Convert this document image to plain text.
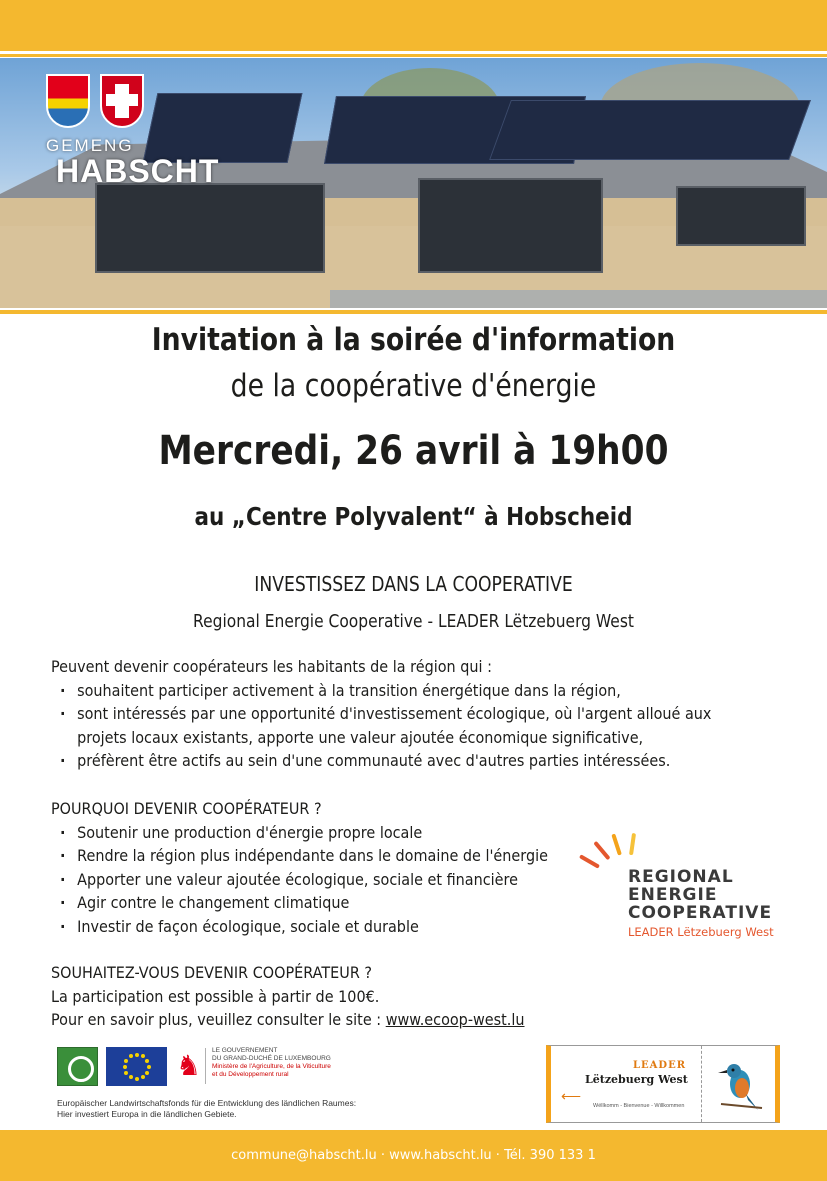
GEMENG
HABSCHT
Invitation à la soirée d'information
de la coopérative d'énergie
Mercredi, 26 avril à 19h00
au „Centre Polyvalent“ à Hobscheid
INVESTISSEZ DANS LA COOPERATIVE
Regional Energie Cooperative - LEADER Lëtzebuerg West
Peuvent devenir coopérateurs les habitants de la région qui :
· souhaitent participer activement à la transition énergétique dans la région,
· sont intéressés par une opportunité d'investissement écologique, où l'argent alloué aux
projets locaux existants, apporte une valeur ajoutée économique significative,
· préfèrent être actifs au sein d'une communauté avec d'autres parties intéressées.
POURQUOI DEVENIR COOPÉRATEUR ?
· Soutenir une production d'énergie propre locale
· Rendre la région plus indépendante dans le domaine de l'énergie
· Apporter une valeur ajoutée écologique, sociale et financière
· Agir contre le changement climatique
· Investir de façon écologique, sociale et durable
SOUHAITEZ-VOUS DEVENIR COOPÉRATEUR ?
La participation est possible à partir de 100€.
Pour en savoir plus, veuillez consulter le site : www.ecoop-west.lu
REGIONAL
ENERGIE
COOPERATIVE
LEADER Lëtzebuerg West
♞ LE GOUVERNEMENT
DU GRAND-DUCHÉ DE LUXEMBOURG
Ministère de l'Agriculture, de la Viticulture
et du Développement rural
Europäischer Landwirtschaftsfonds für die Entwicklung des ländlichen Raumes:
Hier investiert Europa in die ländlichen Gebiete.
LEADER
Lëtzebuerg West
⟵
Wëllkomm - Bienvenue - Willkommen
commune@habscht.lu · www.habscht.lu · Tél. 390 133 1
